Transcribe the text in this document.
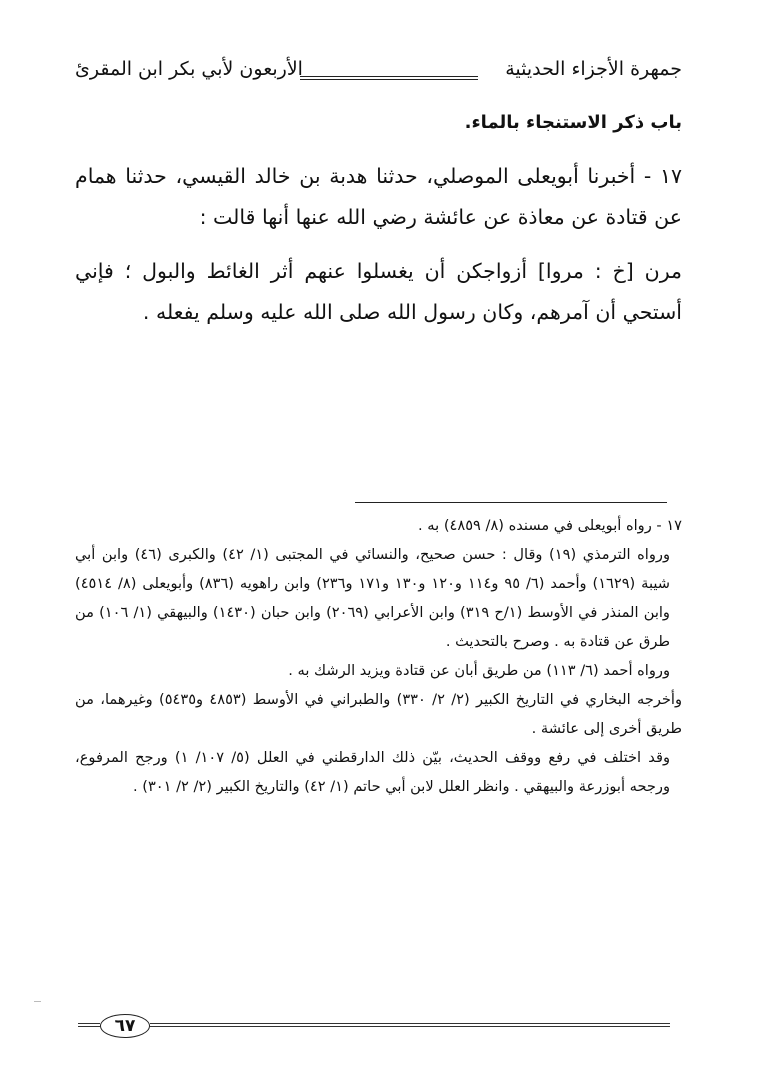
جمهرة الأجزاء الحديثية
الأربعون لأبي بكر ابن المقرئ
باب ذكر الاستنجاء بالماء.
١٧ - أخبرنا أبويعلى الموصلي، حدثنا هدبة بن خالد القيسي، حدثنا همام عن قتادة عن معاذة عن عائشة رضي الله عنها أنها قالت :
مرن [خ : مروا] أزواجكن أن يغسلوا عنهم أثر الغائط والبول ؛ فإني أستحي أن آمرهم، وكان رسول الله صلى الله عليه وسلم يفعله .

١٧ - رواه أبويعلى في مسنده (٨/ ٤٨٥٩) به .

ورواه الترمذي (١٩) وقال : حسن صحيح، والنسائي في المجتبى (١/ ٤٢) والكبرى (٤٦) وابن أبي شيبة (١٦٢٩) وأحمد (٦/ ٩٥ و١١٤ و١٢٠ و١٣٠ و١٧١ و٢٣٦) وابن راهويه (٨٣٦) وأبويعلى (٨/ ٤٥١٤) وابن المنذر في الأوسط (١/ح ٣١٩) وابن الأعرابي (٢٠٦٩) وابن حبان (١٤٣٠) والبيهقي (١/ ١٠٦) من طرق عن قتادة به . وصرح بالتحديث .

ورواه أحمد (٦/ ١١٣) من طريق أبان عن قتادة ويزيد الرشك به .

وأخرجه البخاري في التاريخ الكبير (٢/ ٢/ ٣٣٠) والطبراني في الأوسط (٤٨٥٣ و٥٤٣٥) وغيرهما، من طريق أخرى إلى عائشة .

وقد اختلف في رفع ووقف الحديث، بيّن ذلك الدارقطني في العلل (٥/ ١٠٧/ ١) ورجح المرفوع، ورجحه أبوزرعة والبيهقي . وانظر العلل لابن أبي حاتم (١/ ٤٢) والتاريخ الكبير (٢/ ٢/ ٣٠١) .

٦٧
